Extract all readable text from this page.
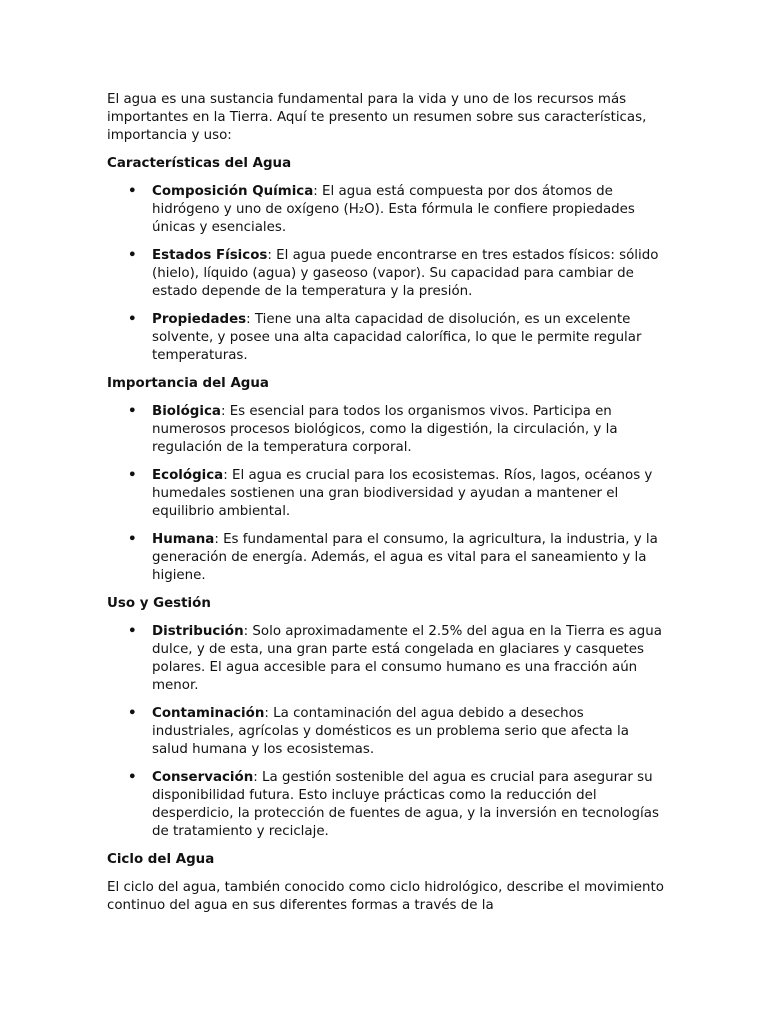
El agua es una sustancia fundamental para la vida y uno de los recursos más importantes en la Tierra. Aquí te presento un resumen sobre sus características, importancia y uso:

Características del Agua
• Composición Química: El agua está compuesta por dos átomos de hidrógeno y uno de oxígeno (H₂O). Esta fórmula le confiere propiedades únicas y esenciales.
• Estados Físicos: El agua puede encontrarse en tres estados físicos: sólido (hielo), líquido (agua) y gaseoso (vapor). Su capacidad para cambiar de estado depende de la temperatura y la presión.
• Propiedades: Tiene una alta capacidad de disolución, es un excelente solvente, y posee una alta capacidad calorífica, lo que le permite regular temperaturas.
Importancia del Agua
• Biológica: Es esencial para todos los organismos vivos. Participa en numerosos procesos biológicos, como la digestión, la circulación, y la regulación de la temperatura corporal.
• Ecológica: El agua es crucial para los ecosistemas. Ríos, lagos, océanos y humedales sostienen una gran biodiversidad y ayudan a mantener el equilibrio ambiental.
• Humana: Es fundamental para el consumo, la agricultura, la industria, y la generación de energía. Además, el agua es vital para el saneamiento y la higiene.
Uso y Gestión
• Distribución: Solo aproximadamente el 2.5% del agua en la Tierra es agua dulce, y de esta, una gran parte está congelada en glaciares y casquetes polares. El agua accesible para el consumo humano es una fracción aún menor.
• Contaminación: La contaminación del agua debido a desechos industriales, agrícolas y domésticos es un problema serio que afecta la salud humana y los ecosistemas.
• Conservación: La gestión sostenible del agua es crucial para asegurar su disponibilidad futura. Esto incluye prácticas como la reducción del desperdicio, la protección de fuentes de agua, y la inversión en tecnologías de tratamiento y reciclaje.
Ciclo del Agua

El ciclo del agua, también conocido como ciclo hidrológico, describe el movimiento continuo del agua en sus diferentes formas a través de la
